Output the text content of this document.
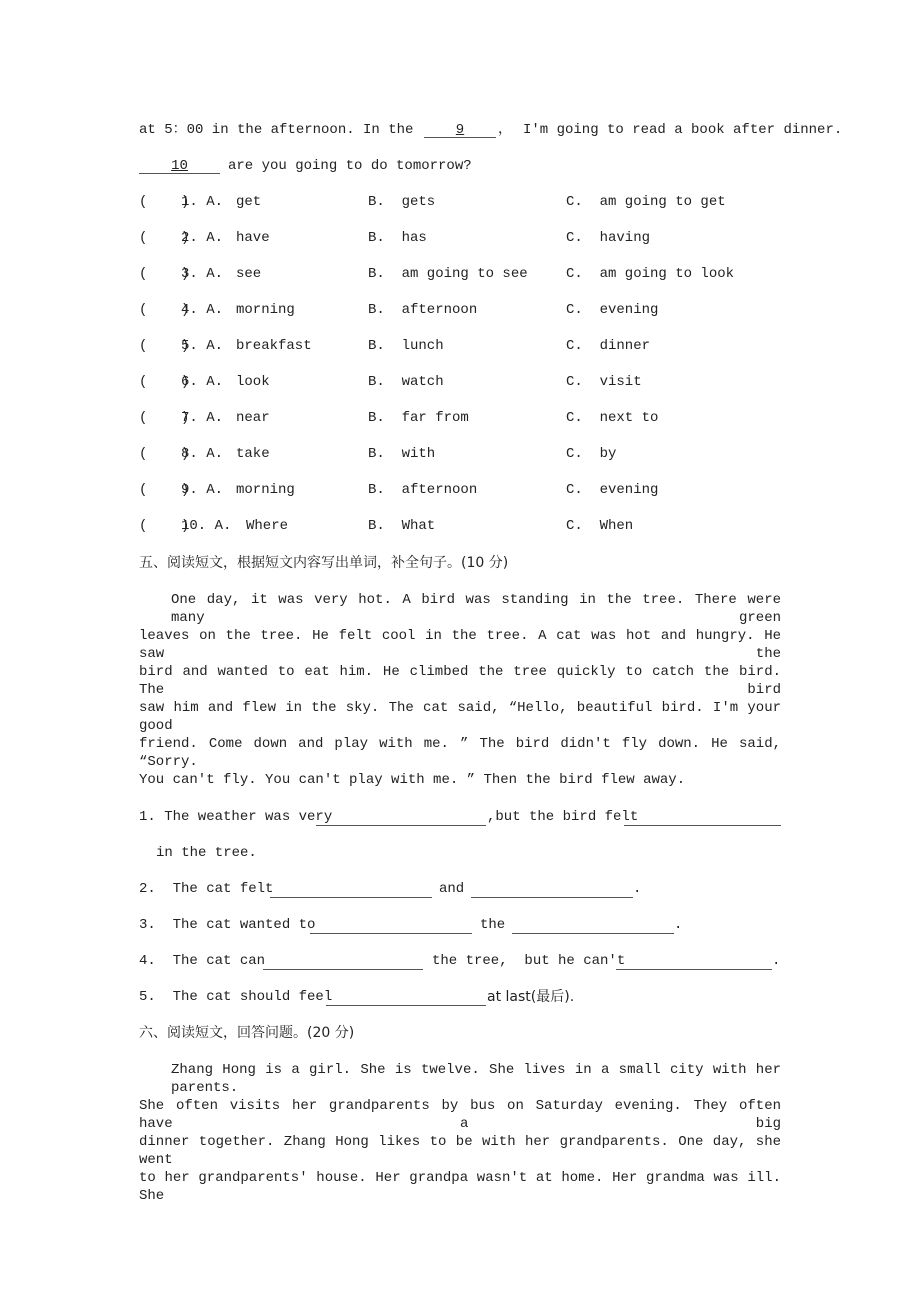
at 5：00 in the afternoon. In the	9	， I'm going to read a book after dinner.
10	are you going to do tomorrow?
(    )
1. A. get	B.  gets	C.  am going to get
(    )
2. A. have	B.  has	C.  having
(    )
3. A. see	B.  am going to see	C.  am going to look
(    )
4. A. morning	B.  afternoon	C.  evening
(    )
5. A. breakfast	B.  lunch	C.  dinner
(    )
6. A. look	B.  watch	C.  visit
(    )
7. A. near	B.  far from	C.  next to
(    )
8. A. take	B.  with	C.  by
(    )
9. A. morning	B.  afternoon	C.  evening
(    )
10. A. Where	B.  What	C.  When
五、阅读短文，根据短文内容写出单词，补全句子。(10 分)
One day, it was very hot. A bird was standing in the tree. There were many green
leaves on the tree. He felt cool in the tree. A cat was hot and hungry. He saw the
bird and wanted to eat him. He climbed the tree quickly to catch the bird. The bird
saw him and flew in the sky. The cat said, “Hello, beautiful bird. I'm your good
friend. Come down and play with me. ” The bird didn't fly down. He said, “Sorry.
You can't fly. You can't play with me. ” Then the bird flew away.
1. The weather was very	,but the bird felt
in the tree.
2.  The cat felt	and	.
3.  The cat wanted to	the	.
4.  The cat can	the tree,  but he can't	.
5.  The cat should feel	at last(最后).
六、阅读短文，回答问题。(20 分)
Zhang Hong is a girl. She is twelve. She lives in a small city with her parents.
She often visits her grandparents by bus on Saturday evening. They often have a big
dinner together. Zhang Hong likes to be with her grandparents. One day, she went
to her grandparents' house. Her grandpa wasn't at home. Her grandma was ill. She
